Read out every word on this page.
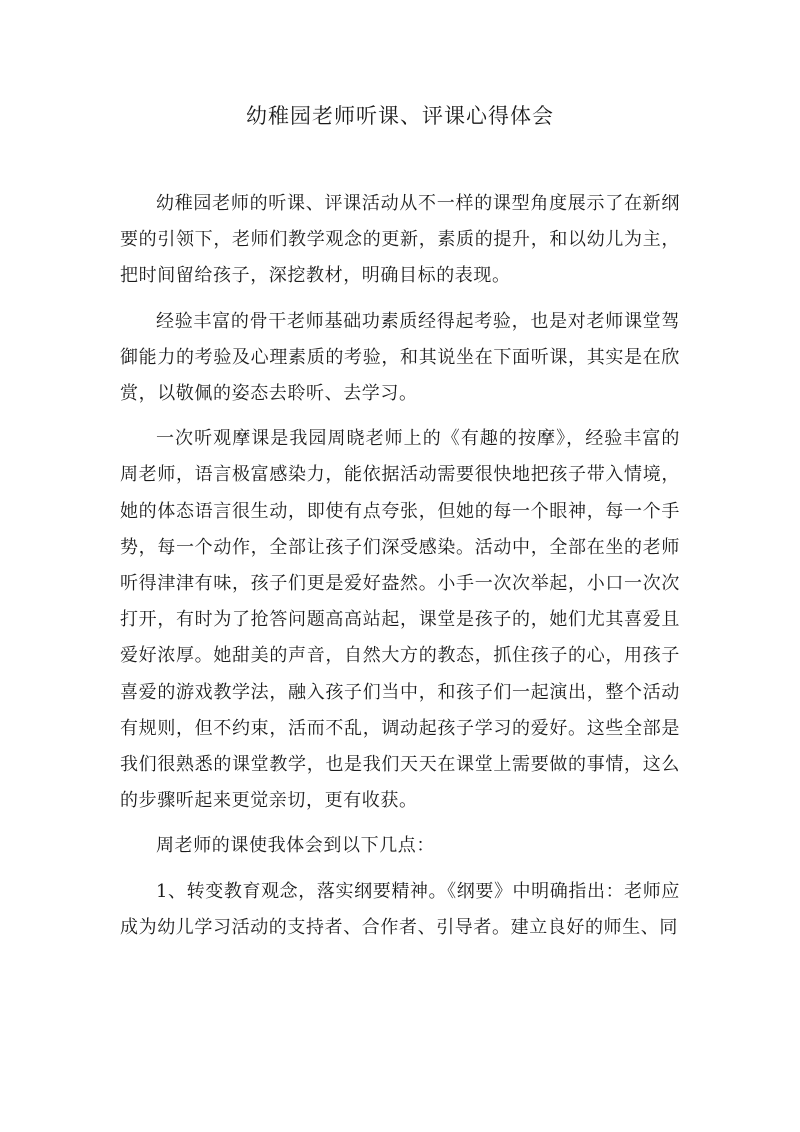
幼稚园老师听课、评课心得体会

幼稚园老师的听课、评课活动从不一样的课型角度展示了在新纲要的引领下，老师们教学观念的更新，素质的提升，和以幼儿为主，把时间留给孩子，深挖教材，明确目标的表现。

经验丰富的骨干老师基础功素质经得起考验，也是对老师课堂驾御能力的考验及心理素质的考验，和其说坐在下面听课，其实是在欣赏，以敬佩的姿态去聆听、去学习。

一次听观摩课是我园周晓老师上的《有趣的按摩》，经验丰富的周老师，语言极富感染力，能依据活动需要很快地把孩子带入情境，她的体态语言很生动，即使有点夸张，但她的每一个眼神，每一个手势，每一个动作，全部让孩子们深受感染。活动中，全部在坐的老师听得津津有味，孩子们更是爱好盎然。小手一次次举起，小口一次次打开，有时为了抢答问题高高站起，课堂是孩子的，她们尤其喜爱且爱好浓厚。她甜美的声音，自然大方的教态，抓住孩子的心，用孩子喜爱的游戏教学法，融入孩子们当中，和孩子们一起演出，整个活动有规则，但不约束，活而不乱，调动起孩子学习的爱好。这些全部是我们很熟悉的课堂教学，也是我们天天在课堂上需要做的事情，这么的步骤听起来更觉亲切，更有收获。

周老师的课使我体会到以下几点：

1、转变教育观念，落实纲要精神。《纲要》中明确指出：老师应成为幼儿学习活动的支持者、合作者、引导者。建立良好的师生、同
